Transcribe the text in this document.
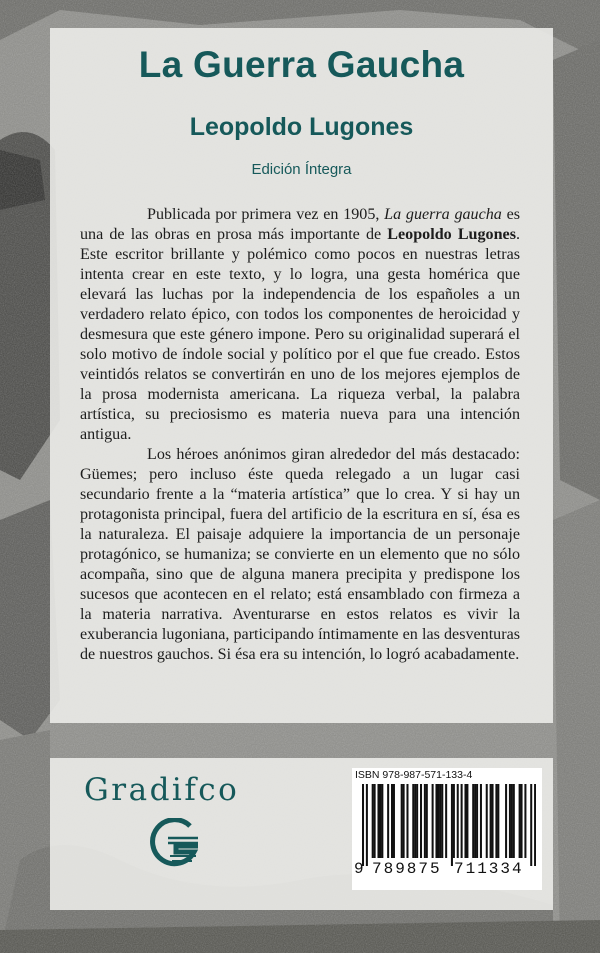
La Guerra Gaucha
Leopoldo Lugones
Edición Íntegra

Publicada por primera vez en 1905, La guerra gaucha es una de las obras en prosa más importante de Leopoldo Lugones. Este escritor brillante y polémico como pocos en nuestras letras intenta crear en este texto, y lo logra, una gesta homérica que elevará las luchas por la independencia de los españoles a un verdadero relato épico, con todos los componentes de heroicidad y desmesura que este género impone. Pero su originalidad superará el solo motivo de índole social y político por el que fue creado. Estos veintidós relatos se convertirán en uno de los mejores ejemplos de la prosa modernista americana. La riqueza verbal, la palabra artística, su preciosismo es materia nueva para una intención antigua.

Los héroes anónimos giran alrededor del más destacado: Güemes; pero incluso éste queda relegado a un lugar casi secundario frente a la “materia artística” que lo crea. Y si hay un protagonista principal, fuera del artificio de la escritura en sí, ésa es la naturaleza. El paisaje adquiere la importancia de un personaje protagónico, se humaniza; se convierte en un elemento que no sólo acompaña, sino que de alguna manera precipita y predispone los sucesos que acontecen en el relato; está ensamblado con firmeza a la materia narrativa. Aventurarse en estos relatos es vivir la exuberancia lugoniana, participando íntimamente en las desventuras de nuestros gauchos. Si ésa era su intención, lo logró acabadamente.

Gradifco	ISBN 978-987-571-133-4
9 789875 711334
